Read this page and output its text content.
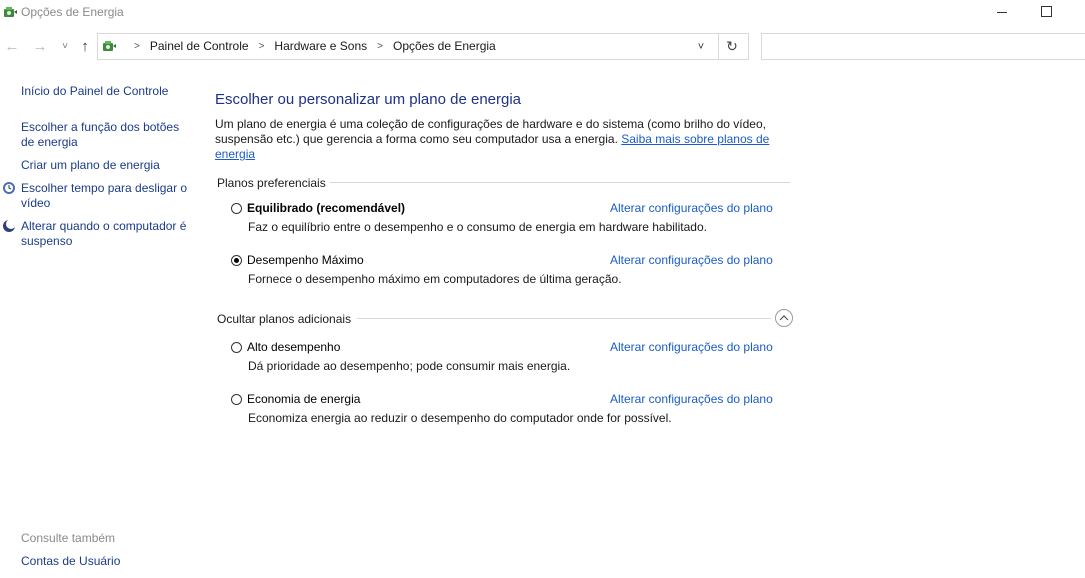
Opções de Energia
← →	˅ ↑	> Painel de Controle > Hardware e Sons > Opções de Energia	˅	↻
Início do Painel de Controle
Escolher a função dos botões de energia
Criar um plano de energia
Escolher tempo para desligar o vídeo
Alterar quando o computador é suspenso
Consulte também
Contas de Usuário
Escolher ou personalizar um plano de energia
Um plano de energia é uma coleção de configurações de hardware e do sistema (como brilho do vídeo, suspensão etc.) que gerencia a forma como seu computador usa a energia. Saiba mais sobre planos de energia
Planos preferenciais
Equilibrado (recomendável)	Alterar configurações do plano
Faz o equilíbrio entre o desempenho e o consumo de energia em hardware habilitado.
Desempenho Máximo	Alterar configurações do plano
Fornece o desempenho máximo em computadores de última geração.
Ocultar planos adicionais
Alto desempenho	Alterar configurações do plano
Dá prioridade ao desempenho; pode consumir mais energia.
Economia de energia	Alterar configurações do plano
Economiza energia ao reduzir o desempenho do computador onde for possível.
